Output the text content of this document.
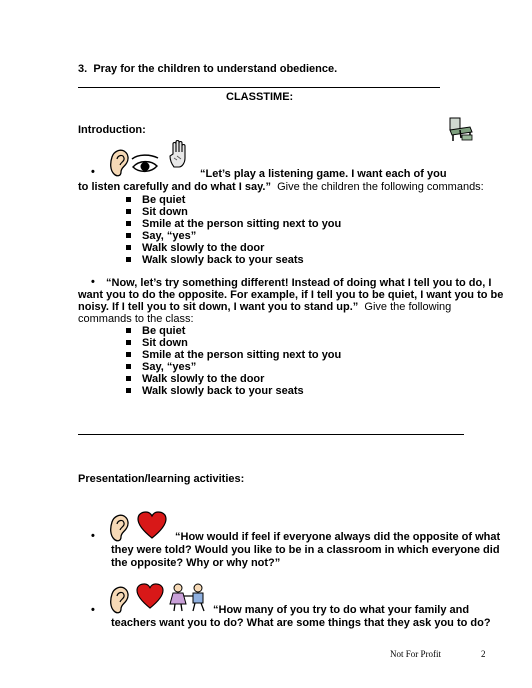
3. Pray for the children to understand obedience.
CLASSTIME:
Introduction:
•	“Let’s play a listening game. I want each of you
to listen carefully and do what I say.” Give the children the following commands:
Be quiet
Sit down
Smile at the person sitting next to you
Say, “yes”
Walk slowly to the door
Walk slowly back to your seats
• “Now, let’s try something different! Instead of doing what I tell you to do, I
want you to do the opposite. For example, if I tell you to be quiet, I want you to be
noisy. If I tell you to sit down, I want you to stand up.” Give the following
commands to the class:
Be quiet
Sit down
Smile at the person sitting next to you
Say, “yes”
Walk slowly to the door
Walk slowly back to your seats
Presentation/learning activities:
•	“How would if feel if everyone always did the opposite of what
they were told? Would you like to be in a classroom in which everyone did
the opposite? Why or why not?”
•	“How many of you try to do what your family and
teachers want you to do? What are some things that they ask you to do?
Not For Profit	2
